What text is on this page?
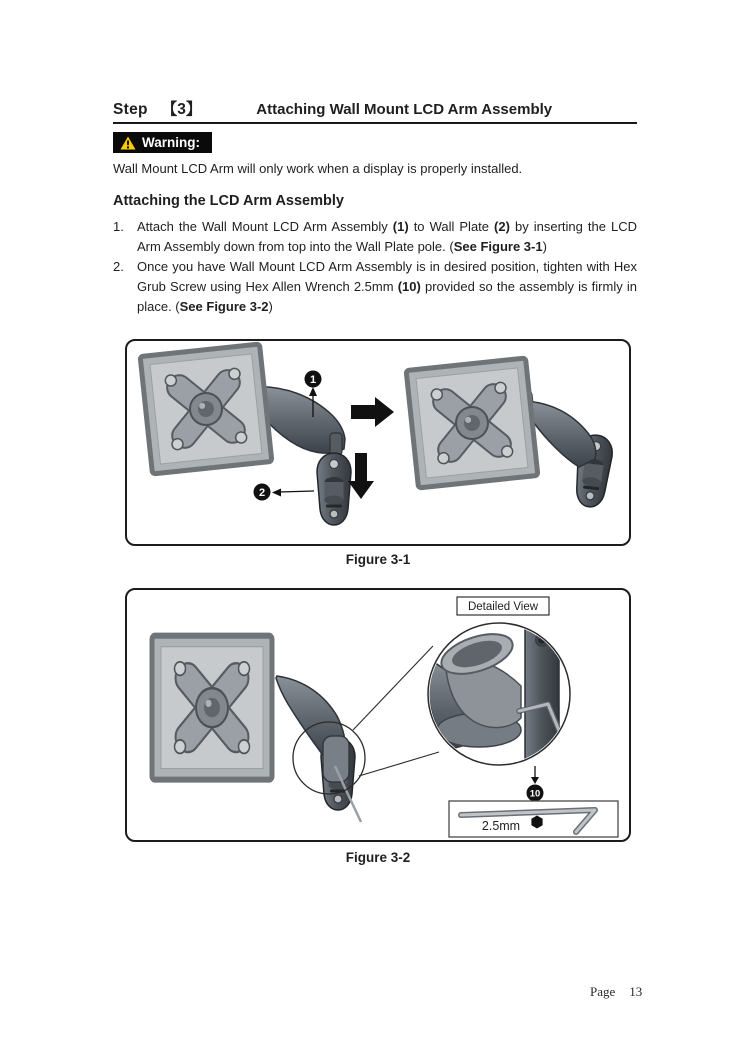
Step 【3】	Attaching Wall Mount LCD Arm Assembly
Warning:

Wall Mount LCD Arm will only work when a display is properly installed.

Attaching the LCD Arm Assembly
1.	Attach the Wall Mount LCD Arm Assembly (1) to Wall Plate (2) by inserting the LCD Arm Assembly down from top into the Wall Plate pole. (See Figure 3-1)
2.	Once you have Wall Mount LCD Arm Assembly is in desired position, tighten with Hex Grub Screw using Hex Allen Wrench 2.5mm (10) provided so the assembly is firmly in place. (See Figure 3-2)
1
2
Figure 3-1
Detailed View
10
2.5mm
Figure 3-2
Page 13
